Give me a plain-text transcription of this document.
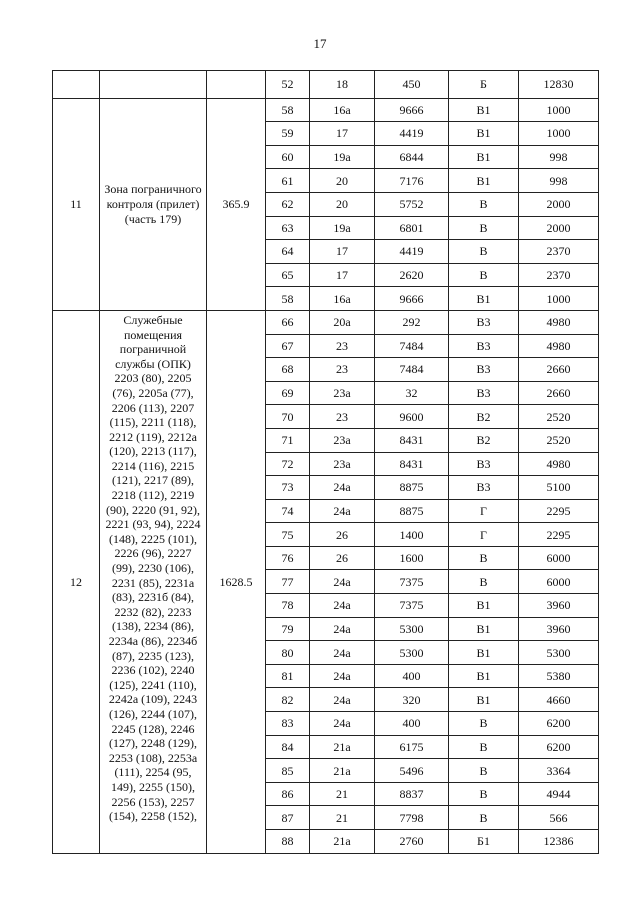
17
			52	18	450	Б	12830
11	Зона пограничного контроля (прилет) (часть 179)	365.9	58	16а	9666	В1	1000
			59	17	4419	В1	1000
			60	19а	6844	В1	998
			61	20	7176	В1	998
			62	20	5752	В	2000
			63	19а	6801	В	2000
			64	17	4419	В	2370
			65	17	2620	В	2370
			58	16а	9666	В1	1000
12	Служебные помещения пограничной службы (ОПК) 2203 (80), 2205 (76), 2205а (77), 2206 (113), 2207 (115), 2211 (118), 2212 (119), 2212а (120), 2213 (117), 2214 (116), 2215 (121), 2217 (89), 2218 (112), 2219 (90), 2220 (91, 92), 2221 (93, 94), 2224 (148), 2225 (101), 2226 (96), 2227 (99), 2230 (106), 2231 (85), 2231а (83), 2231б (84), 2232 (82), 2233 (138), 2234 (86), 2234а (86), 2234б (87), 2235 (123), 2236 (102), 2240 (125), 2241 (110), 2242а (109), 2243 (126), 2244 (107), 2245 (128), 2246 (127), 2248 (129), 2253 (108), 2253а (111), 2254 (95, 149), 2255 (150), 2256 (153), 2257 (154), 2258 (152),	1628.5	66	20а	292	В3	4980
			67	23	7484	В3	4980
			68	23	7484	В3	2660
			69	23а	32	В3	2660
			70	23	9600	В2	2520
			71	23а	8431	В2	2520
			72	23а	8431	В3	4980
			73	24а	8875	В3	5100
			74	24а	8875	Г	2295
			75	26	1400	Г	2295
			76	26	1600	В	6000
			77	24а	7375	В	6000
			78	24а	7375	В1	3960
			79	24а	5300	В1	3960
			80	24а	5300	В1	5300
			81	24а	400	В1	5380
			82	24а	320	В1	4660
			83	24а	400	В	6200
			84	21а	6175	В	6200
			85	21а	5496	В	3364
			86	21	8837	В	4944
			87	21	7798	В	566
			88	21а	2760	Б1	12386
